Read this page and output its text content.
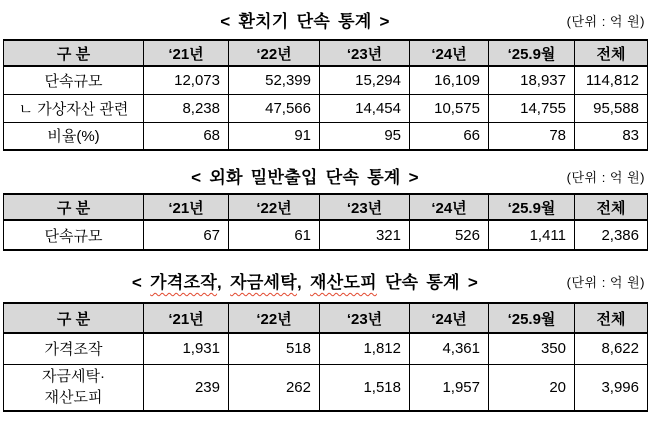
< 환치기 단속 통계 >	(단위 : 억 원)
구 분	‘21년	‘22년	‘23년	‘24년	‘25.9월	전체
단속규모	12,073	52,399	15,294	16,109	18,937	114,812
ㄴ 가상자산 관련	8,238	47,566	14,454	10,575	14,755	95,588
비율(%)	68	91	95	66	78	83
< 외화 밀반출입 단속 통계 >	(단위 : 억 원)
구 분	‘21년	‘22년	‘23년	‘24년	‘25.9월	전체
단속규모	67	61	321	526	1,411	2,386
< 가격조작, 자금세탁, 재산도피 단속 통계 >	(단위 : 억 원)
구 분	‘21년	‘22년	‘23년	‘24년	‘25.9월	전체
가격조작	1,931	518	1,812	4,361	350	8,622
자금세탁·
재산도피	239	262	1,518	1,957	20	3,996
